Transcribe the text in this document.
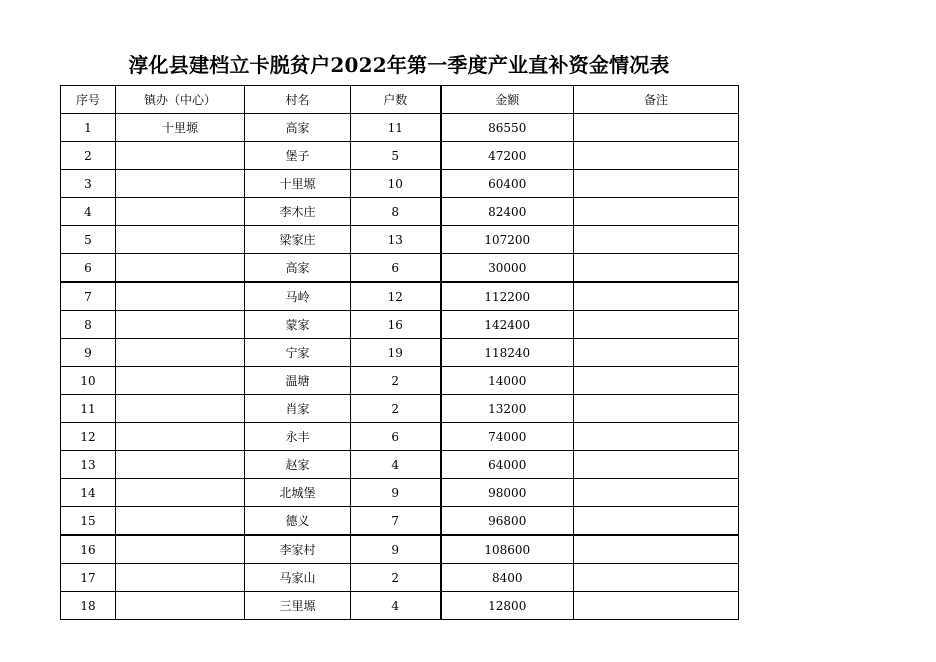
淳化县建档立卡脱贫户2022年第一季度产业直补资金情况表
序号	镇办（中心）	村名	户数	金额	备注
1	十里塬	高家	11	86550	
2		堡子	5	47200	
3		十里塬	10	60400	
4		李木庄	8	82400	
5		梁家庄	13	107200	
6		高家	6	30000	
7		马岭	12	112200	
8		蒙家	16	142400	
9		宁家	19	118240	
10		温塘	2	14000	
11		肖家	2	13200	
12		永丰	6	74000	
13		赵家	4	64000	
14		北城堡	9	98000	
15		德义	7	96800	
16		李家村	9	108600	
17		马家山	2	8400	
18		三里塬	4	12800	
